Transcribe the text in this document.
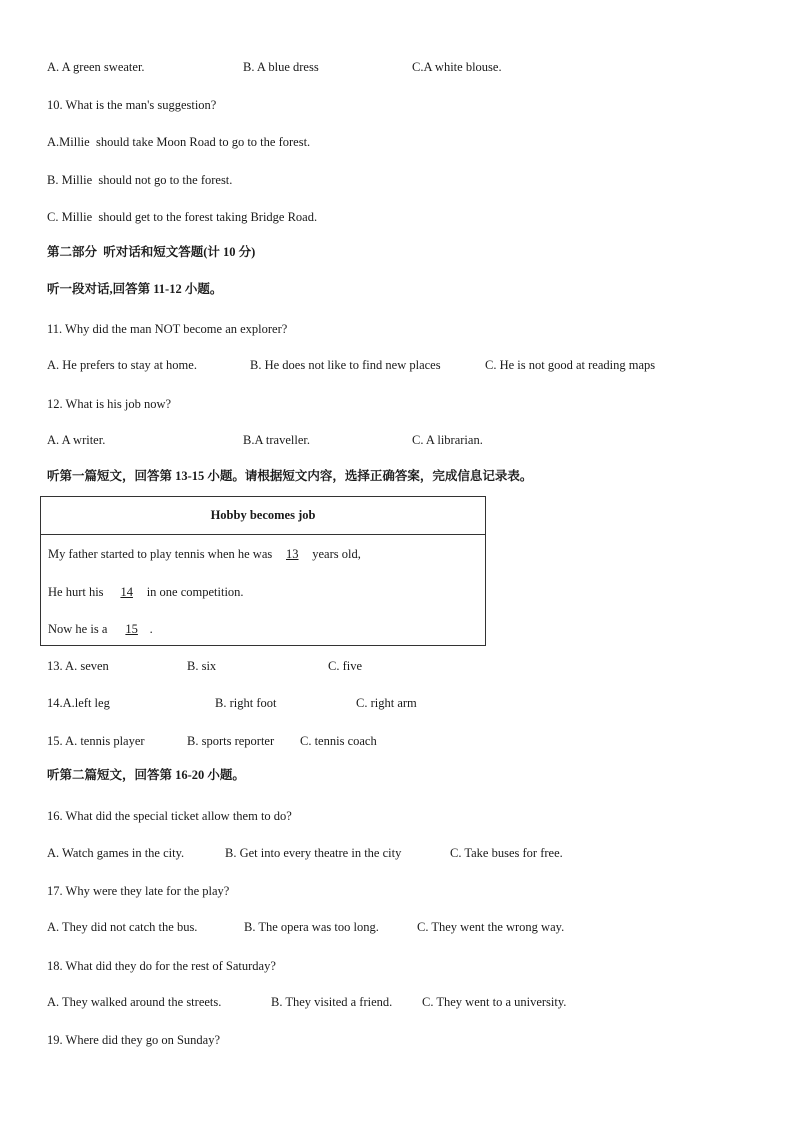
A. A green sweater.	B. A blue dress	C.A white blouse.
10. What is the man's suggestion?
A.Millie  should take Moon Road to go to the forest.
B. Millie  should not go to the forest.
C. Millie  should get to the forest taking Bridge Road.
第二部分  听对话和短文答题(计 10 分)
听一段对话,回答第 11-12 小题。
11. Why did the man NOT become an explorer?
A. He prefers to stay at home.	B. He does not like to find new places	C. He is not good at reading maps
12. What is his job now?
A. A writer.	B.A traveller.	C. A librarian.
听第一篇短文，回答第 13-15 小题。请根据短文内容，选择正确答案，完成信息记录表。
Hobby becomes job
My father started to play tennis when he was 13 years old,
He hurt his 14 in one competition.
Now he is a  15 .
13. A. seven	B. six	C. five
14.A.left leg	B. right foot	C. right arm
15. A. tennis player	B. sports reporter C. tennis coach
听第二篇短文，回答第 16-20 小题。
16. What did the special ticket allow them to do?
A. Watch games in the city.	B. Get into every theatre in the city	C. Take buses for free.
17. Why were they late for the play?
A. They did not catch the bus.	B. The opera was too long.	C. They went the wrong way.
18. What did they do for the rest of Saturday?
A. They walked around the streets.	B. They visited a friend. C. They went to a university.
19. Where did they go on Sunday?
